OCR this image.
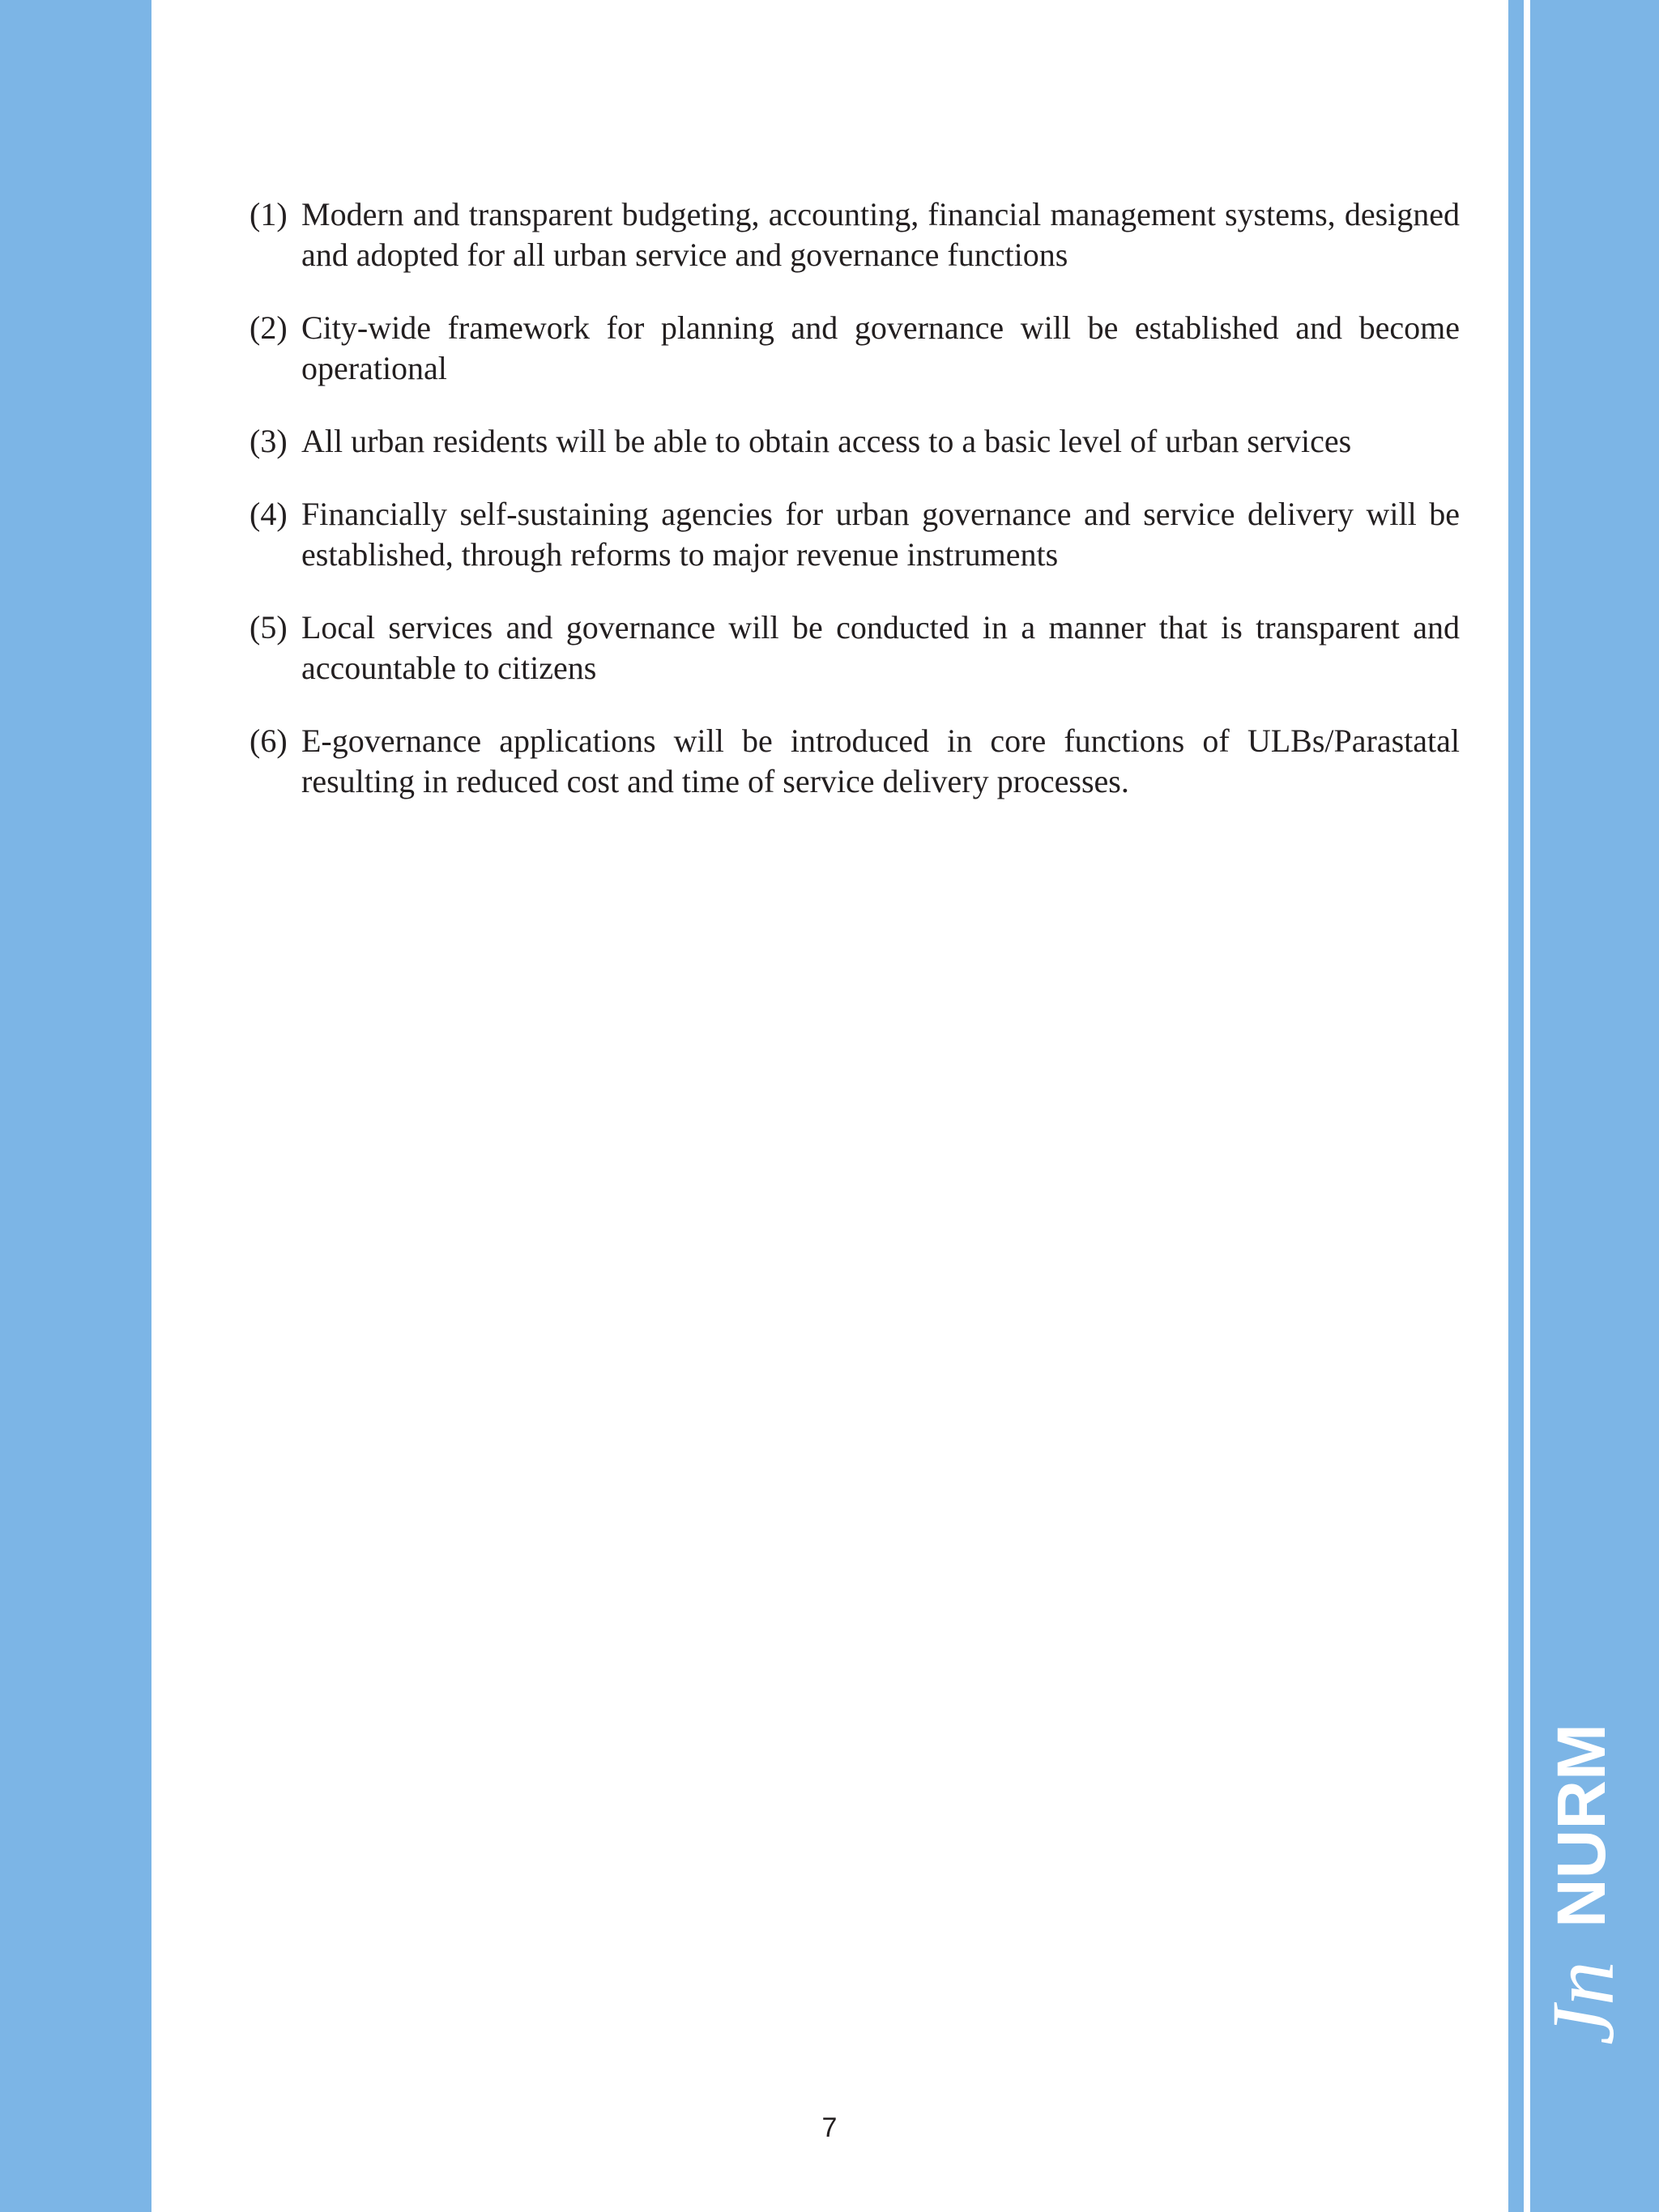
Jn
NURM
(1) Modern and transparent budgeting, accounting, financial management systems, designed and adopted for all urban service and governance functions
(2) City-wide framework for planning and governance will be established and become operational
(3) All urban residents will be able to obtain access to a basic level of urban services
(4) Financially self-sustaining agencies for urban governance and service delivery will be established, through reforms to major revenue instruments
(5) Local services and governance will be conducted in a manner that is transparent and accountable to citizens
(6) E-governance applications will be introduced in core functions of ULBs/Parastatal resulting in reduced cost and time of service delivery processes.
7
